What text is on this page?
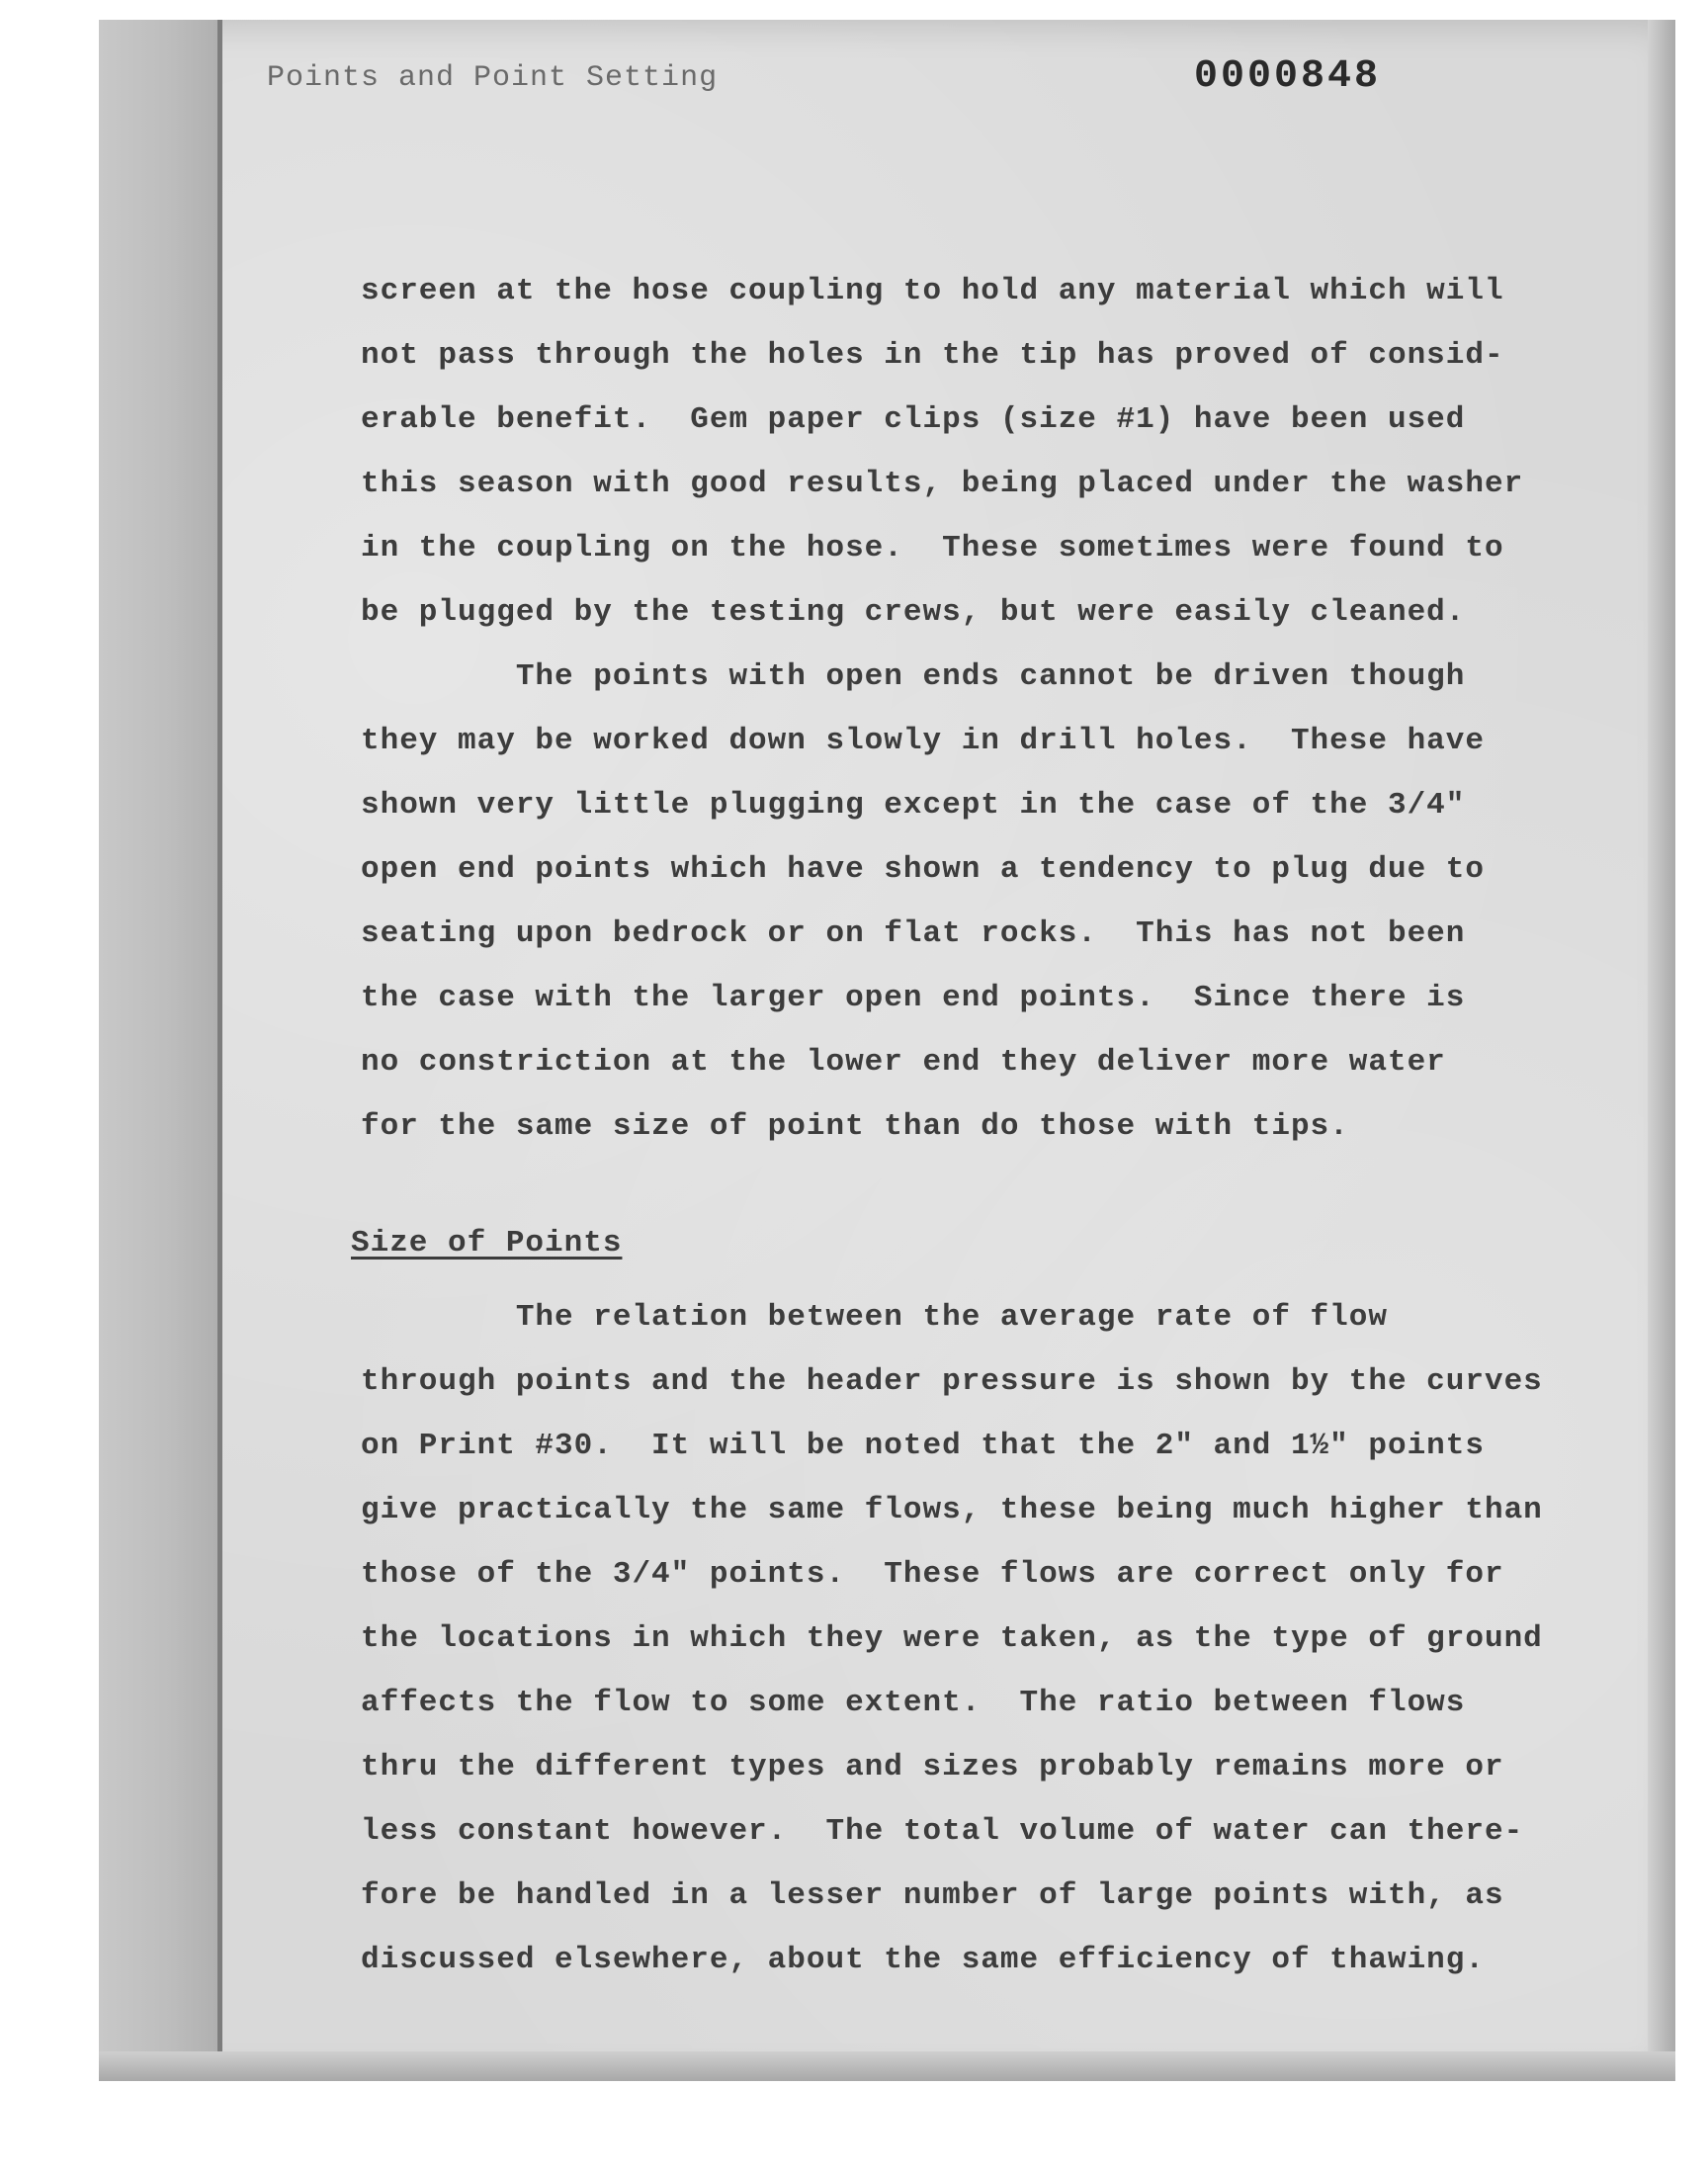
Points and Point Setting	0000848
screen at the hose coupling to hold any material which will
not pass through the holes in the tip has proved of consid-
erable benefit.  Gem paper clips (size #1) have been used
this season with good results, being placed under the washer
in the coupling on the hose.  These sometimes were found to
be plugged by the testing crews, but were easily cleaned.
The points with open ends cannot be driven though
they may be worked down slowly in drill holes.  These have
shown very little plugging except in the case of the 3/4"
open end points which have shown a tendency to plug due to
seating upon bedrock or on flat rocks.  This has not been
the case with the larger open end points.  Since there is
no constriction at the lower end they deliver more water
for the same size of point than do those with tips.
Size of Points
The relation between the average rate of flow
through points and the header pressure is shown by the curves
on Print #30.  It will be noted that the 2" and 1½" points
give practically the same flows, these being much higher than
those of the 3/4" points.  These flows are correct only for
the locations in which they were taken, as the type of ground
affects the flow to some extent.  The ratio between flows
thru the different types and sizes probably remains more or
less constant however.  The total volume of water can there-
fore be handled in a lesser number of large points with, as
discussed elsewhere, about the same efficiency of thawing.
